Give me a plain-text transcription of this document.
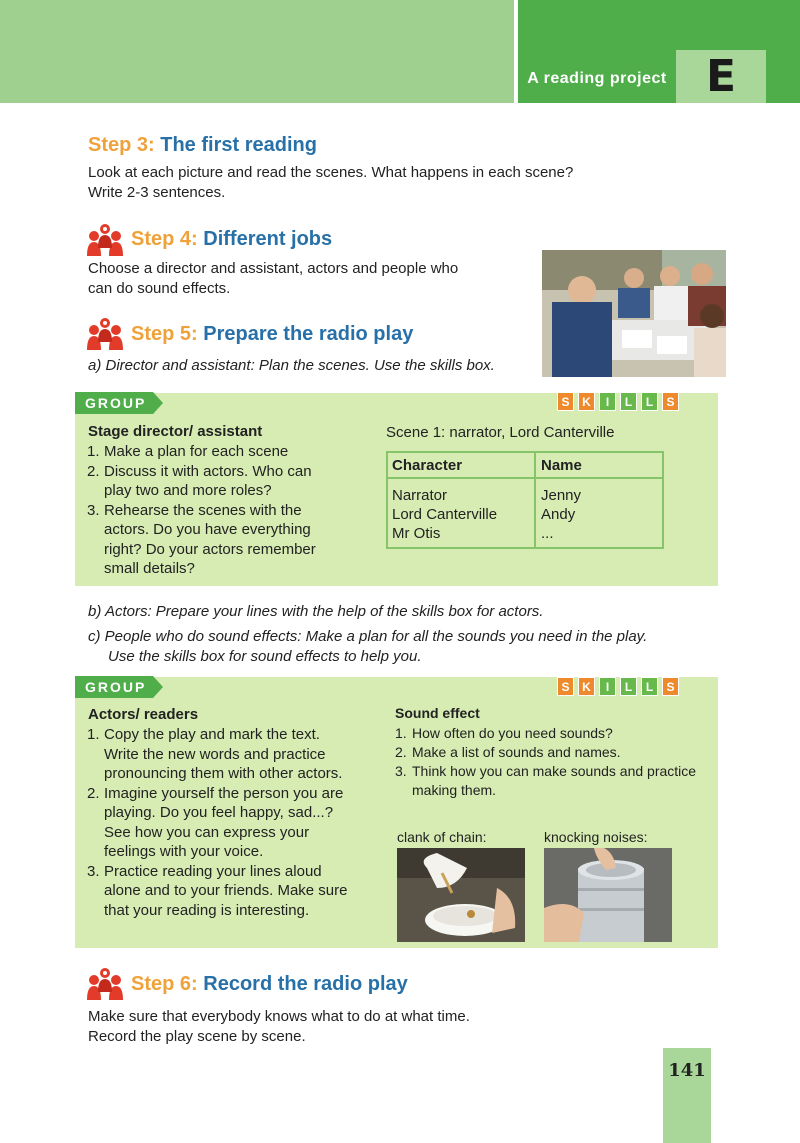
A reading project E
Step 3: The first reading
Look at each picture and read the scenes. What happens in each scene?
Write 2-3 sentences.
Step 4: Different jobs
Choose a director and assistant, actors and people who
can do sound effects.
Step 5: Prepare the radio play
a) Director and assistant: Plan the scenes. Use the skills box.
GROUP	S	K	I	L	L	S
Stage director/ assistant
1. Make a plan for each scene
2. Discuss it with actors. Who can
play two and more roles?
3. Rehearse the scenes with the
actors. Do you have everything
right? Do your actors remember
small details?
Scene 1: narrator, Lord Canterville
Character	Name
Narrator	Jenny
Lord Canterville	Andy
Mr Otis	...
b) Actors: Prepare your lines with the help of the skills box for actors.
c) People who do sound effects: Make a plan for all the sounds you need in the play.
Use the skills box for sound effects to help you.
GROUP	S	K	I	L	L	S
Actors/ readers
1. Copy the play and mark the text.
Write the new words and practice
pronouncing them with other actors.
2. Imagine yourself the person you are
playing. Do you feel happy, sad...?
See how you can express your
feelings with your voice.
3. Practice reading your lines aloud
alone and to your friends. Make sure
that your reading is interesting.
Sound effect
1. How often do you need sounds?
2. Make a list of sounds and names.
3. Think how you can make sounds and practice
making them.
clank of chain:	knocking noises:
Step 6: Record the radio play
Make sure that everybody knows what to do at what time.
Record the play scene by scene.
141
